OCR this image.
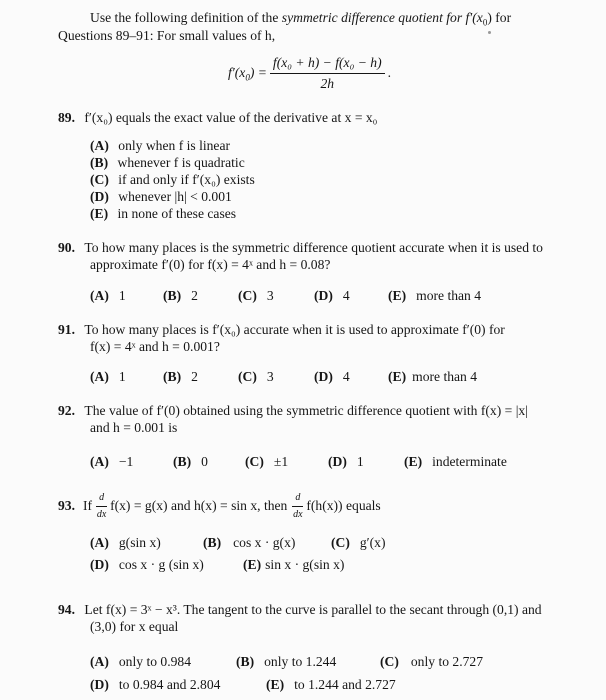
Use the following definition of the symmetric difference quotient for $f'(x_0)$ for
Questions 89–91: For small values of h,
$f'(x_0) = \frac{\text{f(x₀ + h) − f(x₀ − h)}}{2h}$ .
89. f′(x₀) equals the exact value of the derivative at x = x₀
(A) only when f is linear
(B) whenever f is quadratic
(C) if and only if f′(x₀) exists
(D) whenever |h| < 0.001
(E) in none of these cases
90. To how many places is the symmetric difference quotient accurate when it is used to
approximate f′(0) for f(x) = 4ˣ and h = 0.08?
(A) 1	(B) 2	(C) 3	(D) 4	(E) more than 4
91. To how many places is f′(x₀) accurate when it is used to approximate f′(0) for
f(x) = 4ˣ and h = 0.001?
(A) 1	(B) 2	(C) 3	(D) 4	(E) more than 4
92. The value of f′(0) obtained using the symmetric difference quotient with f(x) = |x|
and h = 0.001 is
(A) −1	(B) 0	(C) ±1	(D) 1	(E) indeterminate
93. If $\frac{d}{dx} f(x) = g(x)$ and h(x) = sin x, then $\frac{d}{dx} f(h(x))$ equals
(A) g(sin x)	(B) cos x · g(x)	(C) g′(x)
(D) cos x · g (sin x)	(E) sin x · g(sin x)
94. Let f(x) = 3ˣ − x³. The tangent to the curve is parallel to the secant through (0,1) and
(3,0) for x equal
(A) only to 0.984	(B) only to 1.244	(C) only to 2.727
(D) to 0.984 and 2.804	(E) to 1.244 and 2.727
